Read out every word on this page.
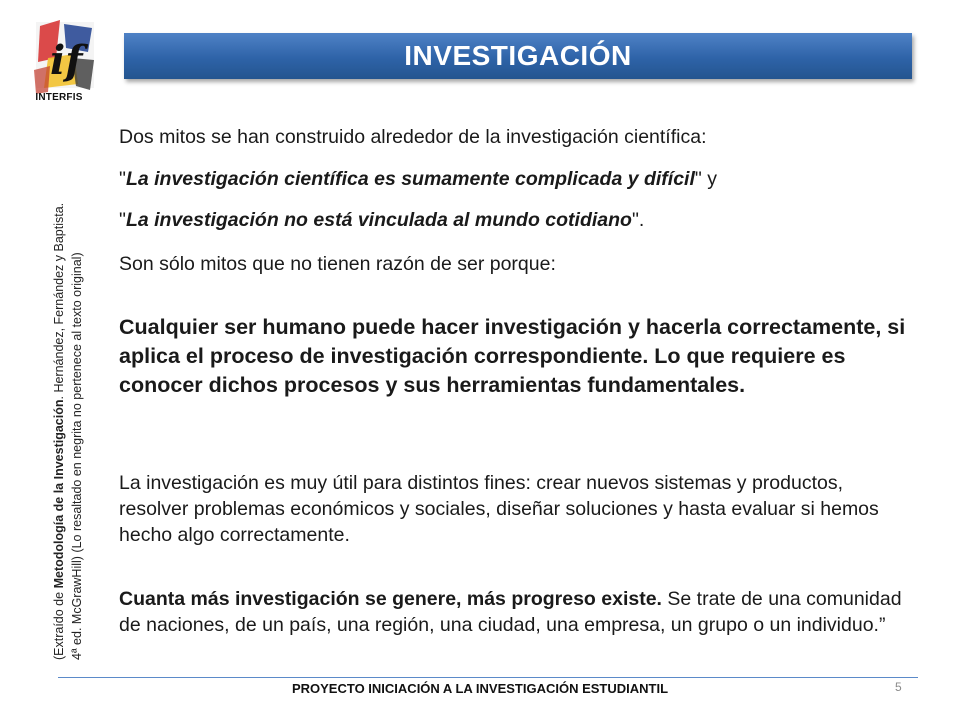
if
INTERFIS
INVESTIGACIÓN

(Extraído de Metodología de la Investigación. Hernández, Fernández y Baptista. 4ª ed. McGrawHill) (Lo resaltado en negrita no pertenece al texto original)

Dos mitos se han construido alrededor de la investigación científica:

"La investigación científica es sumamente complicada y difícil" y

"La investigación no está vinculada al mundo cotidiano".

Son sólo mitos que no tienen razón de ser porque:

Cualquier ser humano puede hacer investigación y hacerla correctamente, si aplica el proceso de investigación correspondiente. Lo que requiere es conocer dichos procesos y sus herramientas fundamentales.

La investigación es muy útil para distintos fines: crear nuevos sistemas y productos, resolver problemas económicos y sociales, diseñar soluciones y hasta evaluar si hemos hecho algo correctamente.

Cuanta más investigación se genere, más progreso existe. Se trate de una comunidad de naciones, de un país, una región, una ciudad, una empresa, un grupo o un individuo.”

PROYECTO INICIACIÓN A LA INVESTIGACIÓN ESTUDIANTIL	5
